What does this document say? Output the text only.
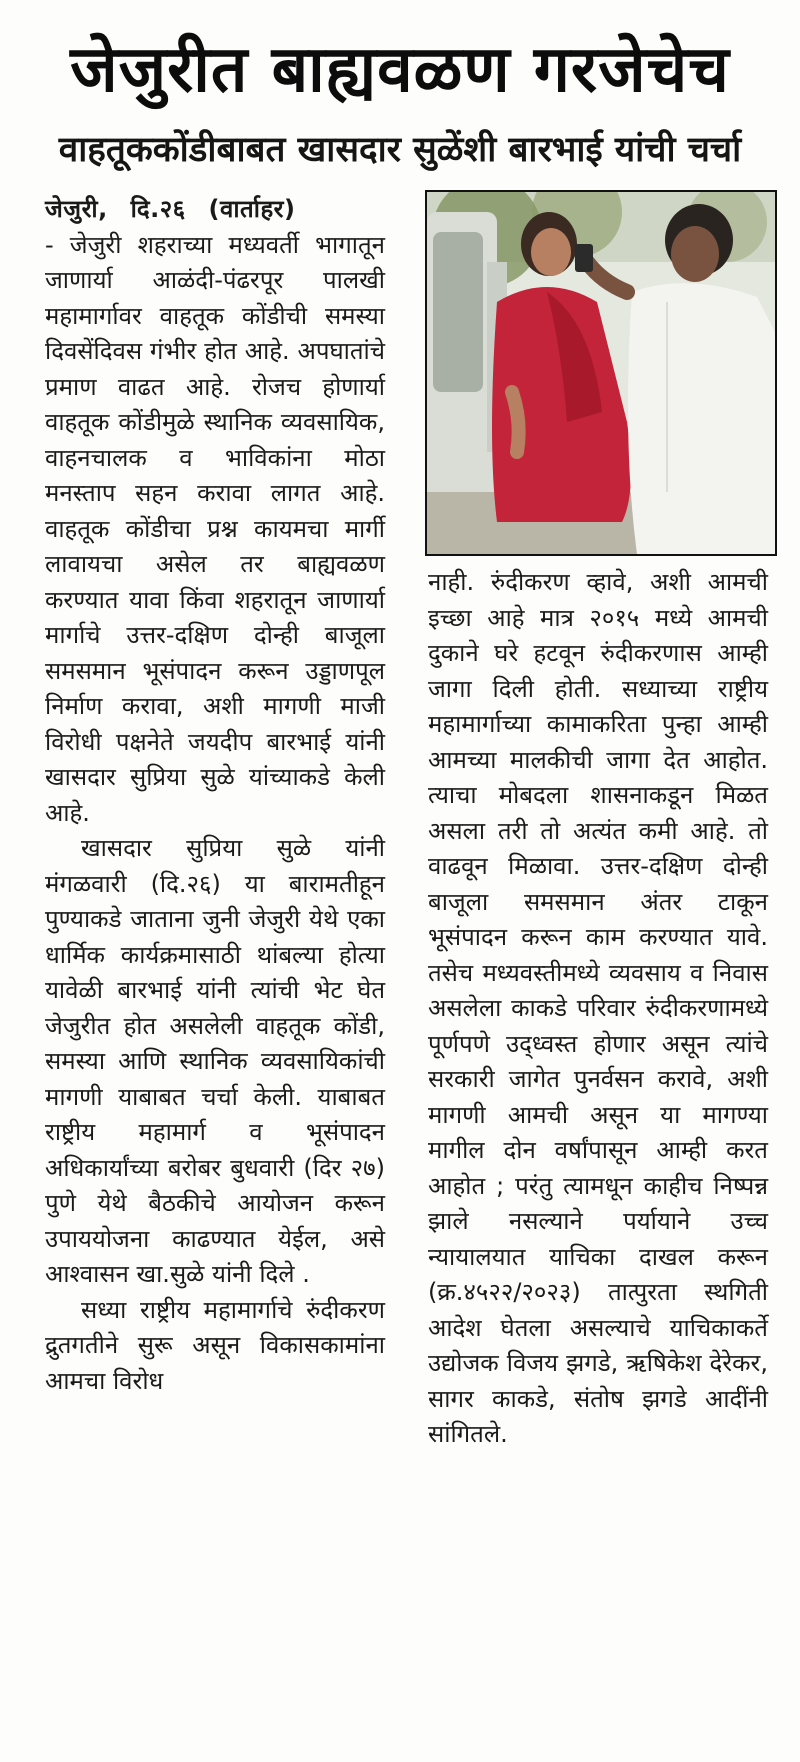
जेजुरीत बाह्यवळण गरजेचेच
वाहतूककोंडीबाबत खासदार सुळेंशी बारभाई यांची चर्चा
जेजुरी, दि.२६ (वार्ताहर)

- जेजुरी शहराच्या मध्यवर्ती भागातून जाणार्या आळंदी-पंढरपूर पालखी महामार्गावर वाहतूक कोंडीची समस्या दिवसेंदिवस गंभीर होत आहे. अपघातांचे प्रमाण वाढत आहे. रोजच होणार्या वाहतूक कोंडीमुळे स्थानिक व्यवसायिक, वाहनचालक व भाविकांना मोठा मनस्ताप सहन करावा लागत आहे. वाहतूक कोंडीचा प्रश्न कायमचा मार्गी लावायचा असेल तर बाह्यवळण करण्यात यावा किंवा शहरातून जाणार्या मार्गाचे उत्तर-दक्षिण दोन्ही बाजूला समसमान भूसंपादन करून उड्डाणपूल निर्माण करावा, अशी मागणी माजी विरोधी पक्षनेते जयदीप बारभाई यांनी खासदार सुप्रिया सुळे यांच्याकडे केली आहे.

खासदार सुप्रिया सुळे यांनी मंगळवारी (दि.२६) या बारामतीहून पुण्याकडे जाताना जुनी जेजुरी येथे एका धार्मिक कार्यक्रमासाठी थांबल्या होत्या यावेळी बारभाई यांनी त्यांची भेट घेत जेजुरीत होत असलेली वाहतूक कोंडी, समस्या आणि स्थानिक व्यवसायिकांची मागणी याबाबत चर्चा केली. याबाबत राष्ट्रीय महामार्ग व भूसंपादन अधिकार्यांच्या बरोबर बुधवारी (दिर २७) पुणे येथे बैठकीचे आयोजन करून उपाययोजना काढण्यात येईल, असे आश्वासन खा.सुळे यांनी दिले .

सध्या राष्ट्रीय महामार्गाचे रुंदीकरण द्रुतगतीने सुरू असून विकासकामांना आमचा विरोध

नाही. रुंदीकरण व्हावे, अशी आमची इच्छा आहे मात्र २०१५ मध्ये आमची दुकाने घरे हटवून रुंदीकरणास आम्ही जागा दिली होती. सध्याच्या राष्ट्रीय महामार्गाच्या कामाकरिता पुन्हा आम्ही आमच्या मालकीची जागा देत आहोत. त्याचा मोबदला शासनाकडून मिळत असला तरी तो अत्यंत कमी आहे. तो वाढवून मिळावा. उत्तर-दक्षिण दोन्ही बाजूला समसमान अंतर टाकून भूसंपादन करून काम करण्यात यावे. तसेच मध्यवस्तीमध्ये व्यवसाय व निवास असलेला काकडे परिवार रुंदीकरणामध्ये पूर्णपणे उद्ध्वस्त होणार असून त्यांचे सरकारी जागेत पुनर्वसन करावे, अशी मागणी आमची असून या मागण्या मागील दोन वर्षांपासून आम्ही करत आहोत ; परंतु त्यामधून काहीच निष्पन्न झाले नसल्याने पर्यायाने उच्च न्यायालयात याचिका दाखल करून (क्र.४५२२/२०२३) तात्पुरता स्थगिती आदेश घेतला असल्याचे याचिकाकर्ते उद्योजक विजय झगडे, ऋषिकेश देरेकर, सागर काकडे, संतोष झगडे आदींनी सांगितले.
